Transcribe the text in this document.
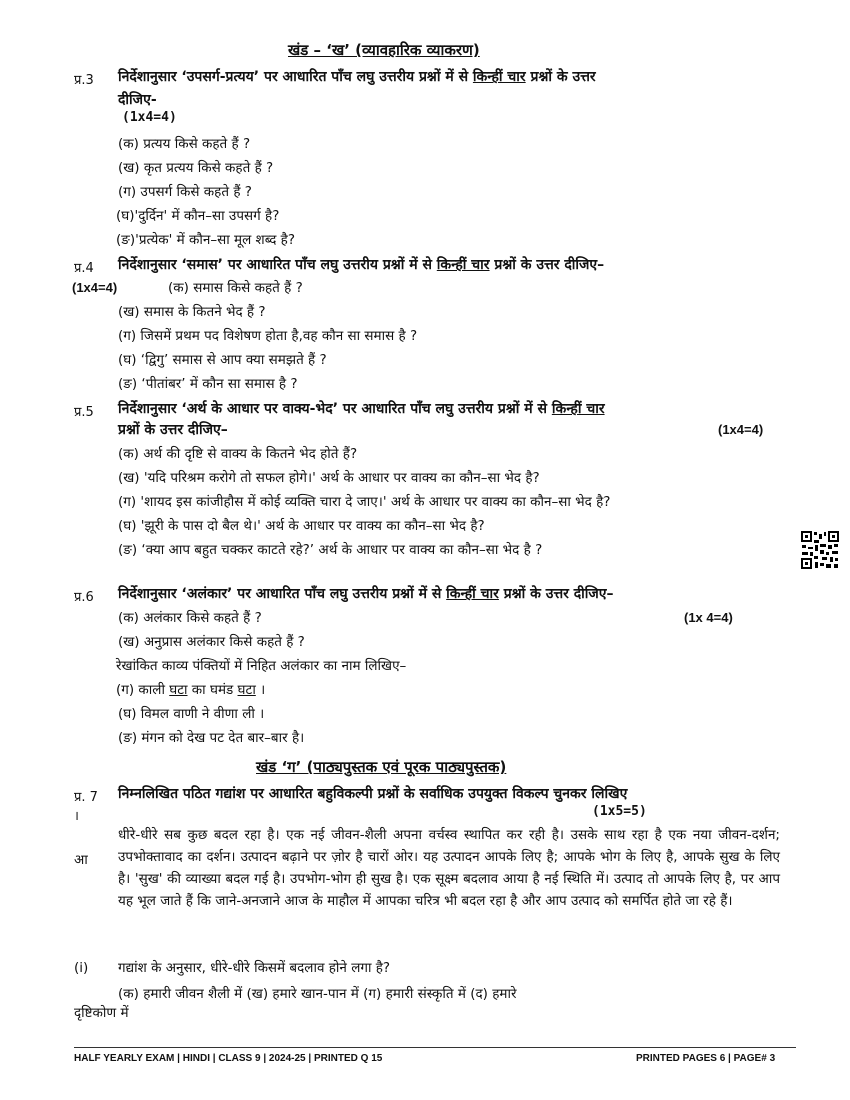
खंड – ‘ख’ (व्यावहारिक व्याकरण)
प्र.3 निर्देशानुसार ‘उपसर्ग-प्रत्यय’ पर आधारित पाँच लघु उत्तरीय प्रश्नों में से किन्हीं चार प्रश्नों के उत्तर
दीजिए-
(1x4=4)
(क) प्रत्यय किसे कहते हैं ?
(ख) कृत प्रत्यय किसे कहते हैं ?
(ग) उपसर्ग किसे कहते हैं ?
(घ)'दुर्दिन' में कौन–सा उपसर्ग है?
(ङ)'प्रत्येक' में कौन–सा मूल शब्द है?
प्र.4 निर्देशानुसार ‘समास’ पर आधारित पाँच लघु उत्तरीय प्रश्नों में से किन्हीं चार प्रश्नों के उत्तर दीजिए–
(1x4=4)	(क) समास किसे कहते हैं ?
(ख) समास के कितने भेद हैं ?
(ग) जिसमें प्रथम पद विशेषण होता है,वह कौन सा समास है ?
(घ) ‘द्विगु’ समास से आप क्या समझते हैं ?
(ङ) ‘पीतांबर’ में कौन सा समास है ?
प्र.5 निर्देशानुसार ‘अर्थ के आधार पर वाक्य-भेद’ पर आधारित पाँच लघु उत्तरीय प्रश्नों में से किन्हीं चार
प्रश्नों के उत्तर दीजिए–	(1x4=4)
(क) अर्थ की दृष्टि से वाक्य के कितने भेद होते हैं?
(ख) 'यदि परिश्रम करोगे तो सफल होगे।' अर्थ के आधार पर वाक्य का कौन–सा भेद है?
(ग) 'शायद इस कांजीहौस में कोई व्यक्ति चारा दे जाए।' अर्थ के आधार पर वाक्य का कौन–सा भेद है?
(घ) 'झूरी के पास दो बैल थे।' अर्थ के आधार पर वाक्य का कौन–सा भेद है?
(ङ) ‘क्या आप बहुत चक्कर काटते रहे?’ अर्थ के आधार पर वाक्य का कौन–सा भेद है ?
प्र.6 निर्देशानुसार ‘अलंकार’ पर आधारित पाँच लघु उत्तरीय प्रश्नों में से किन्हीं चार प्रश्नों के उत्तर दीजिए–
(क) अलंकार किसे कहते हैं ?	(1x 4=4)
(ख) अनुप्रास अलंकार किसे कहते हैं ?
रेखांकित काव्य पंक्तियों में निहित अलंकार का नाम लिखिए–
(ग) काली घटा का घमंड घटा ।
(घ) विमल वाणी ने वीणा ली ।
(ङ) मंगन को देख पट देत बार–बार है।
खंड ‘ग’ (पाठ्यपुस्तक एवं पूरक पाठ्यपुस्तक)
प्र. 7
।
निम्नलिखित पठित गद्यांश पर आधारित बहुविकल्पी प्रश्नों के सर्वाधिक उपयुक्त विकल्प चुनकर लिखिए
(1x5=5)
आ
धीरे-धीरे सब कुछ बदल रहा है। एक नई जीवन-शैली अपना वर्चस्व स्थापित कर रही है। उसके साथ रहा है एक नया जीवन-दर्शन; उपभोक्तावाद का दर्शन। उत्पादन बढ़ाने पर ज़ोर है चारों ओर। यह उत्पादन आपके लिए है; आपके भोग के लिए है, आपके सुख के लिए है। 'सुख' की व्याख्या बदल गई है। उपभोग-भोग ही सुख है। एक सूक्ष्म बदलाव आया है नई स्थिति में। उत्पाद तो आपके लिए है, पर आप यह भूल जाते हैं कि जाने-अनजाने आज के माहौल में आपका चरित्र भी बदल रहा है और आप उत्पाद को समर्पित होते जा रहे हैं।
(i) गद्यांश के अनुसार, धीरे-धीरे किसमें बदलाव होने लगा है?
(क) हमारी जीवन शैली में (ख) हमारे खान-पान में (ग) हमारी संस्कृति में (द) हमारे
दृष्टिकोण में
HALF YEARLY EXAM | HINDI | CLASS 9 | 2024-25 | PRINTED Q 15	PRINTED PAGES 6 | PAGE# 3
